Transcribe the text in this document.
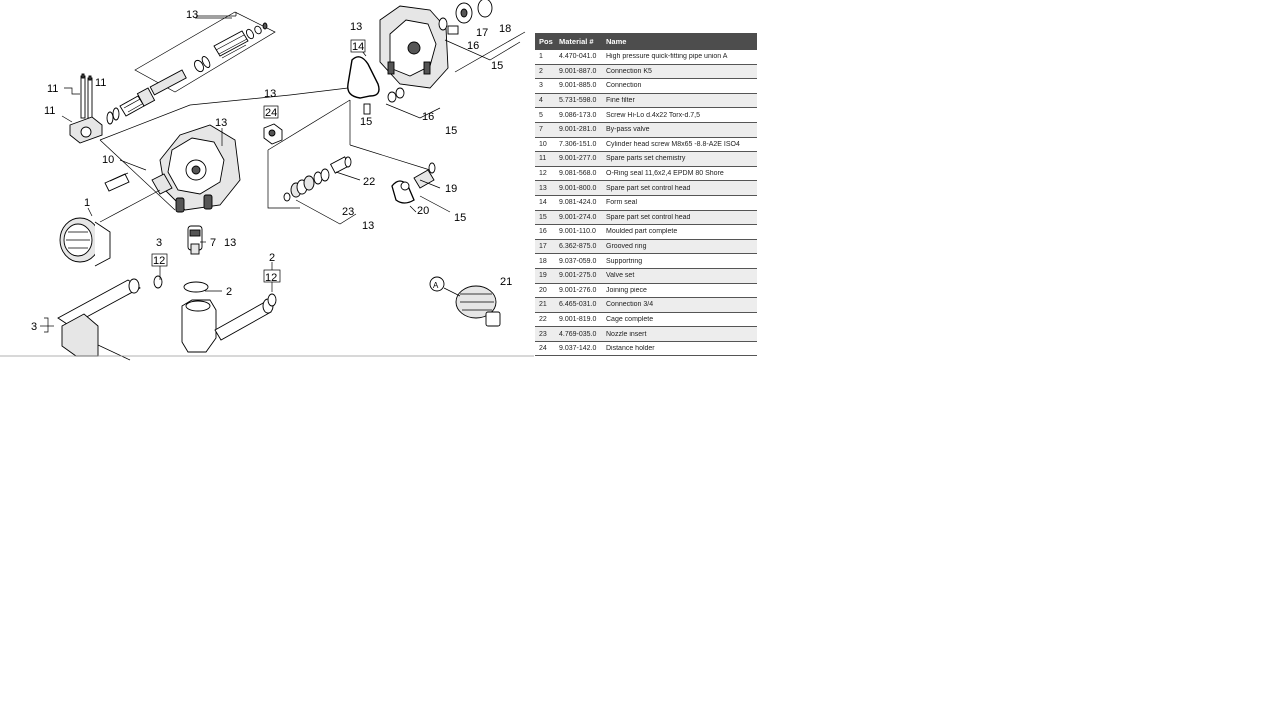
13
11	11
11
10
1
3
12
3
13
13
24
7 13
2
2
12
13
14
15
16
17 18
15
16
15
22
23
13
19
20
15
A	21
Pos Material #	Name
1	4.470-041.0	High pressure quick-fitting pipe union A
2	9.001-887.0	Connection K5
3	9.001-885.0	Connection
4	5.731-598.0	Fine filter
5	9.086-173.0	Screw Hi-Lo d.4x22 Torx-d.7,5
7	9.001-281.0	By-pass valve
10	7.306-151.0	Cylinder head screw M8x65 -8.8-A2E ISO4
11	9.001-277.0	Spare parts set chemistry
12	9.081-568.0	O-Ring seal 11,6x2,4 EPDM 80 Shore
13	9.001-800.0	Spare part set control head
14	9.081-424.0	Form seal
15	9.001-274.0	Spare part set control head
16	9.001-110.0	Moulded part complete
17	6.362-875.0	Grooved ring
18	9.037-059.0	Supportring
19	9.001-275.0	Valve set
20	9.001-276.0	Joining piece
21	6.465-031.0	Connection 3/4
22	9.001-819.0	Cage complete
23	4.769-035.0	Nozzle insert
24	9.037-142.0	Distance holder
